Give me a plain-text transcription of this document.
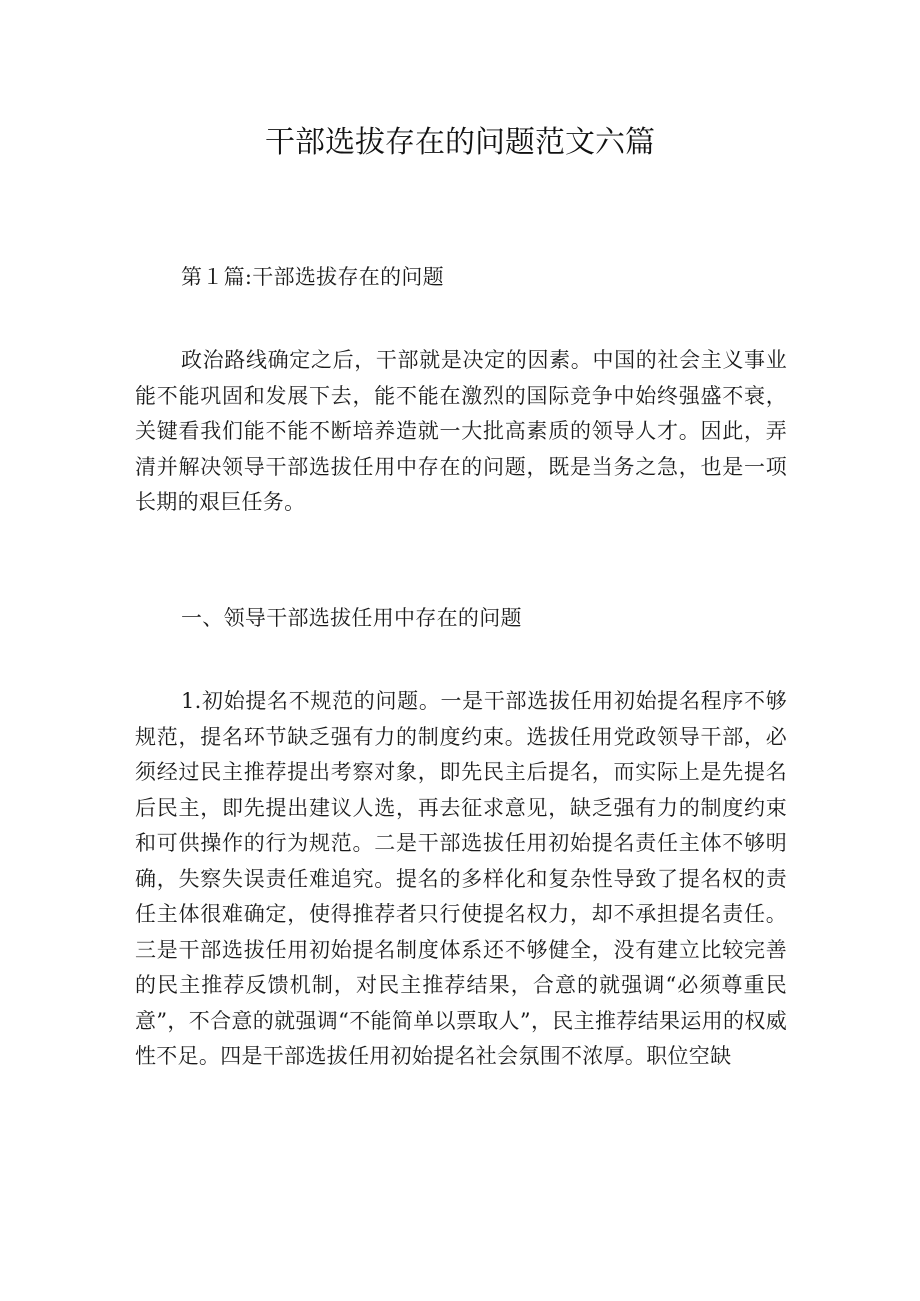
干部选拔存在的问题范文六篇

第１篇:干部选拔存在的问题

政治路线确定之后，干部就是决定的因素。中国的社会主义事业能不能巩固和发展下去，能不能在激烈的国际竞争中始终强盛不衰，关键看我们能不能不断培养造就一大批高素质的领导人才。因此，弄清并解决领导干部选拔任用中存在的问题，既是当务之急，也是一项长期的艰巨任务。

一、领导干部选拔任用中存在的问题

1.初始提名不规范的问题。一是干部选拔任用初始提名程序不够规范，提名环节缺乏强有力的制度约束。选拔任用党政领导干部，必须经过民主推荐提出考察对象，即先民主后提名，而实际上是先提名后民主，即先提出建议人选，再去征求意见，缺乏强有力的制度约束和可供操作的行为规范。二是干部选拔任用初始提名责任主体不够明确，失察失误责任难追究。提名的多样化和复杂性导致了提名权的责任主体很难确定，使得推荐者只行使提名权力，却不承担提名责任。三是干部选拔任用初始提名制度体系还不够健全，没有建立比较完善的民主推荐反馈机制，对民主推荐结果，合意的就强调“必须尊重民意”，不合意的就强调“不能简单以票取人”，民主推荐结果运用的权威性不足。四是干部选拔任用初始提名社会氛围不浓厚。职位空缺
